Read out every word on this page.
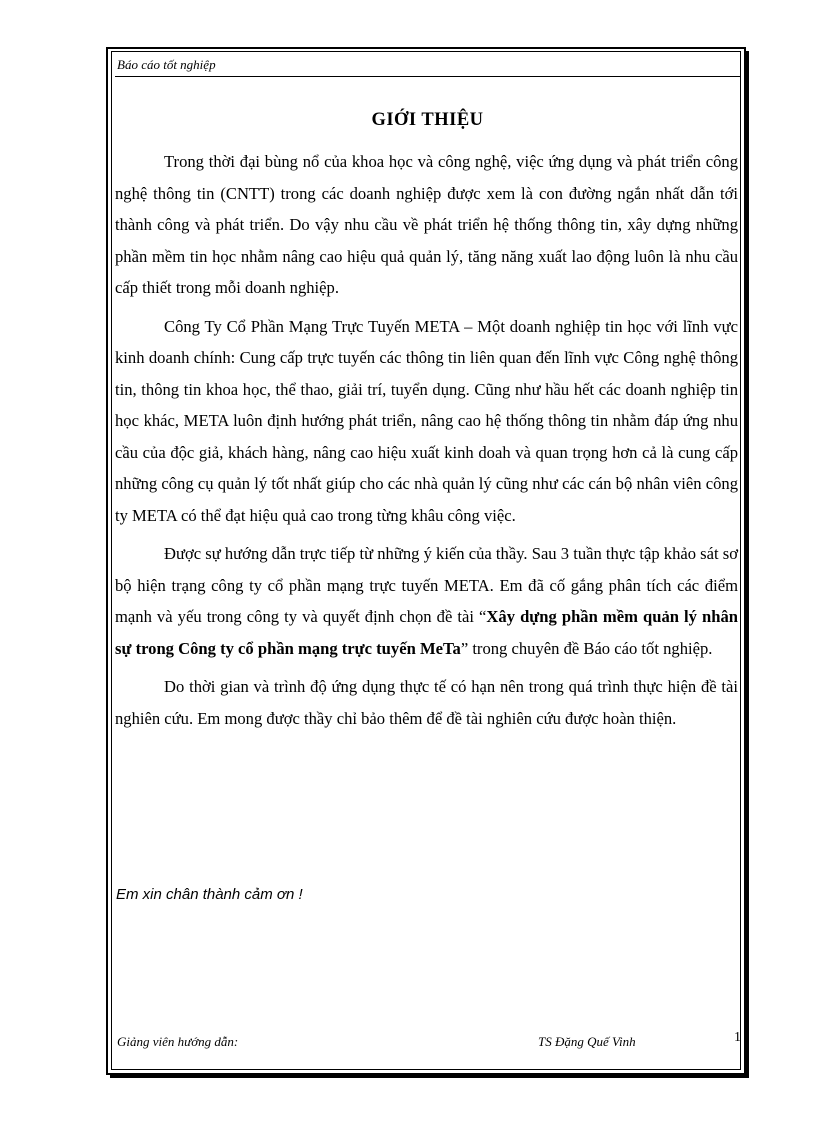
Báo cáo tốt nghiệp
GIỚI THIỆU

Trong thời đại bùng nổ của khoa học và công nghệ, việc ứng dụng và phát triển công nghệ thông tin (CNTT) trong các doanh nghiệp được xem là con đường ngắn nhất dẫn tới thành công và phát triển. Do vậy nhu cầu về phát triển hệ thống thông tin, xây dựng những phần mềm tin học nhằm nâng cao hiệu quả quản lý, tăng năng xuất lao động luôn là nhu cầu cấp thiết trong mỗi doanh nghiệp.

Công Ty Cổ Phần Mạng Trực Tuyến META – Một doanh nghiệp tin học với lĩnh vực kinh doanh chính: Cung cấp trực tuyến các thông tin liên quan đến lĩnh vực Công nghệ thông tin, thông tin khoa học, thể thao, giải trí, tuyển dụng. Cũng như hầu hết các doanh nghiệp tin học khác, META luôn định hướng phát triển, nâng cao hệ thống thông tin nhằm đáp ứng nhu cầu của độc giả, khách hàng, nâng cao hiệu xuất kinh doah và quan trọng hơn cả là cung cấp những công cụ quản lý tốt nhất giúp cho các nhà quản lý cũng như các cán bộ nhân viên công ty META có thể đạt hiệu quả cao trong từng khâu công việc.

Được sự hướng dẫn trực tiếp từ những ý kiến của thầy. Sau 3 tuần thực tập khảo sát sơ bộ hiện trạng công ty cổ phần mạng trực tuyến META. Em đã cố gắng phân tích các điểm mạnh và yếu trong công ty và quyết định chọn đề tài “Xây dựng phần mềm quản lý nhân sự trong Công ty cổ phần mạng trực tuyến MeTa” trong chuyên đề Báo cáo tốt nghiệp.

Do thời gian và trình độ ứng dụng thực tế có hạn nên trong quá trình thực hiện đề tài nghiên cứu. Em mong được thầy chỉ bảo thêm để đề tài nghiên cứu được hoàn thiện.

Em xin chân thành cảm ơn !
Giảng viên hướng dẫn:	TS Đặng Quế Vinh	1
